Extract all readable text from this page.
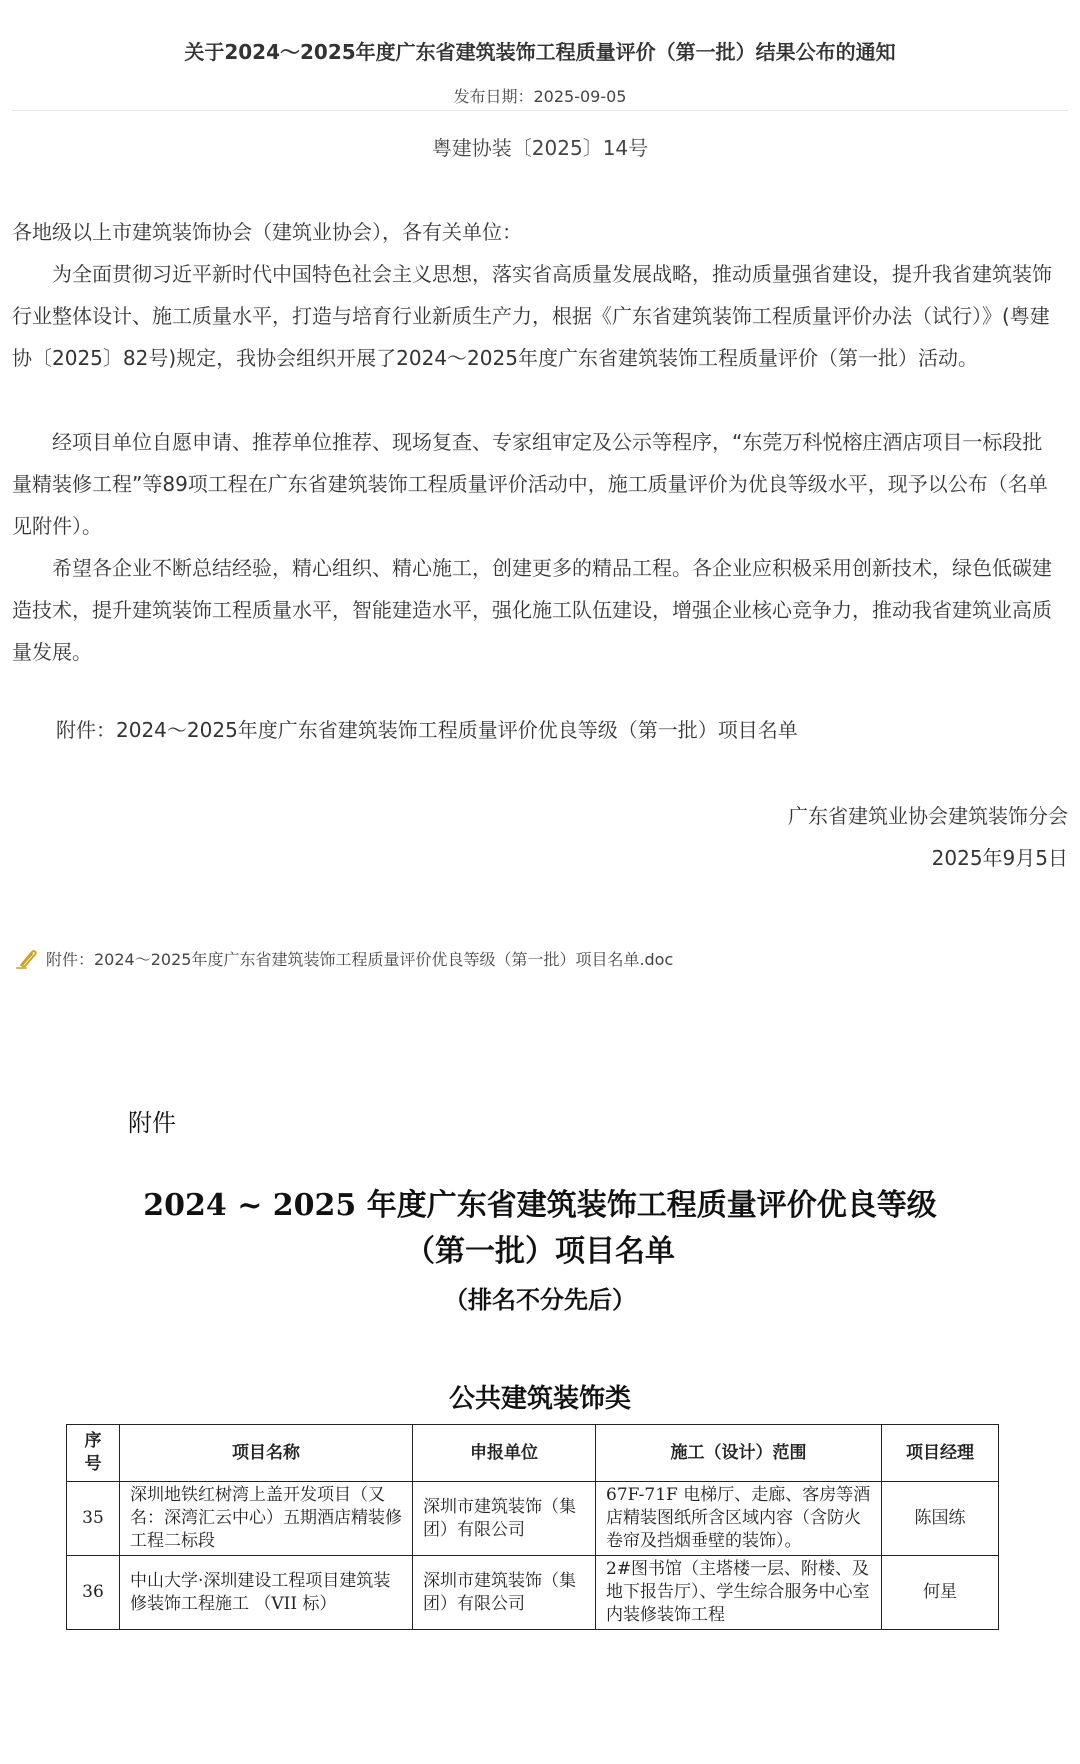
关于2024～2025年度广东省建筑装饰工程质量评价（第一批）结果公布的通知
发布日期：2025-09-05
粤建协装〔2025〕14号
各地级以上市建筑装饰协会（建筑业协会），各有关单位：
为全面贯彻习近平新时代中国特色社会主义思想，落实省高质量发展战略，推动质量强省建设，提升我省建筑装饰行业整体设计、施工质量水平，打造与培育行业新质生产力，根据《广东省建筑装饰工程质量评价办法（试行）》(粤建协〔2025〕82号)规定，我协会组织开展了2024～2025年度广东省建筑装饰工程质量评价（第一批）活动。
经项目单位自愿申请、推荐单位推荐、现场复查、专家组审定及公示等程序，“东莞万科悦榕庄酒店项目一标段批量精装修工程”等89项工程在广东省建筑装饰工程质量评价活动中，施工质量评价为优良等级水平，现予以公布（名单见附件）。
希望各企业不断总结经验，精心组织、精心施工，创建更多的精品工程。各企业应积极采用创新技术，绿色低碳建造技术，提升建筑装饰工程质量水平，智能建造水平，强化施工队伍建设，增强企业核心竞争力，推动我省建筑业高质量发展。
附件：2024～2025年度广东省建筑装饰工程质量评价优良等级（第一批）项目名单
广东省建筑业协会建筑装饰分会
2025年9月5日
附件：2024～2025年度广东省建筑装饰工程质量评价优良等级（第一批）项目名单.doc
附件
2024 ~ 2025 年度广东省建筑装饰工程质量评价优良等级
（第一批）项目名单
（排名不分先后）
公共建筑装饰类
序号	项目名称	申报单位	施工（设计）范围	项目经理
35	深圳地铁红树湾上盖开发项目（又名：深湾汇云中心）五期酒店精装修工程二标段	深圳市建筑装饰（集团）有限公司	67F-71F 电梯厅、走廊、客房等酒店精装图纸所含区域内容（含防火卷帘及挡烟垂壁的装饰）。	陈国练
36	中山大学·深圳建设工程项目建筑装修装饰工程施工 （VII 标）	深圳市建筑装饰（集团）有限公司	2#图书馆（主塔楼一层、附楼、及地下报告厅）、学生综合服务中心室内装修装饰工程	何星
